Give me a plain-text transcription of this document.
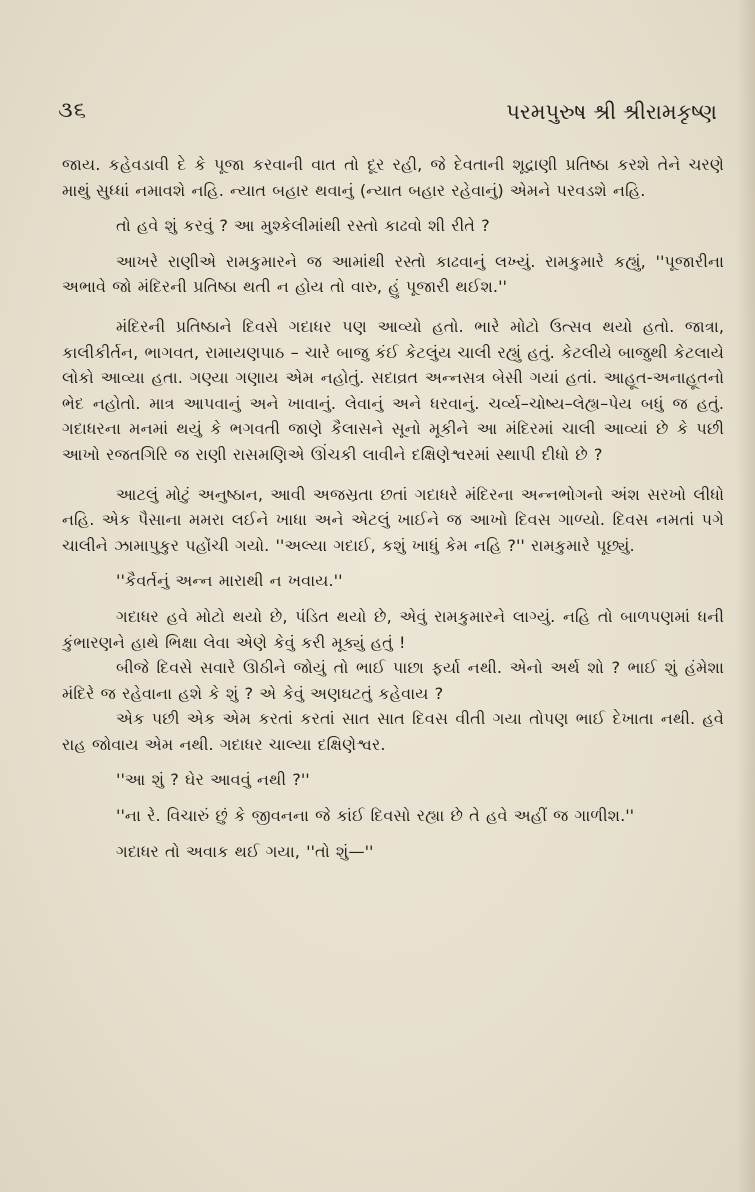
૩૬	પરમપુરુષ શ્રી શ્રીરામકૃષ્ણ

જાય. કહેવડાવી દે કે પૂજા કરવાની વાત તો દૂર રહી, જે દેવતાની શૂદ્રાણી પ્રતિષ્ઠા કરશે તેને ચરણે માથું સુધ્ધાં નમાવશે નહિ. ન્યાત બહાર થવાનું (ન્યાત બહાર રહેવાનું) એમને પરવડશે નહિ.

તો હવે શું કરવું ? આ મુશ્કેલીમાંથી રસ્તો કાઢવો શી રીતે ?

આખરે રાણીએ રામકુમારને જ આમાંથી રસ્તો કાઢવાનું લખ્યું. રામકુમારે કહ્યું, ''પૂજારીના અભાવે જો મંદિરની પ્રતિષ્ઠા થતી ન હોય તો વારુ, હું પૂજારી થઈશ.''

મંદિરની પ્રતિષ્ઠાને દિવસે ગદાધર પણ આવ્યો હતો. ભારે મોટો ઉત્સવ થયો હતો. જાત્રા, કાલીકીર્તન, ભાગવત, રામાયણપાઠ – ચારે બાજુ કંઈ કેટલુંય ચાલી રહ્યું હતું. કેટલીયે બાજુથી કેટલાયે લોકો આવ્યા હતા. ગણ્યા ગણાય એમ નહોતું. સદાવ્રત અન્નસત્ર બેસી ગયાં હતાં. આહૂત-અનાહૂતનો ભેદ નહોતો. માત્ર આપવાનું અને ખાવાનું. લેવાનું અને ધરવાનું. ચર્વ્ય–ચોષ્ય–લેહ્ય–પેય બધું જ હતું. ગદાધરના મનમાં થયું કે ભગવતી જાણે કૈલાસને સૂનો મૂકીને આ મંદિરમાં ચાલી આવ્યાં છે કે પછી આખો રજતગિરિ જ રાણી રાસમણિએ ઊંચકી લાવીને દક્ષિણેશ્વરમાં સ્થાપી દીધો છે ?

આટલું મોટું અનુષ્ઠાન, આવી અજસ્રતા છતાં ગદાધરે મંદિરના અન્નભોગનો અંશ સરખો લીધો નહિ. એક પૈસાના મમરા લઈને ખાધા અને એટલું ખાઈને જ આખો દિવસ ગાળ્યો. દિવસ નમતાં પગે ચાલીને ઝામાપુકુર પહોંચી ગયો. ''અલ્યા ગદાઈ, કશું ખાધું કેમ નહિ ?'' રામકુમારે પૂછ્યું.

''કૈવર્તનું અન્ન મારાથી ન ખવાય.''

ગદાધર હવે મોટો થયો છે, પંડિત થયો છે, એવું રામકુમારને લાગ્યું. નહિ તો બાળપણમાં ધની કુંભારણને હાથે ભિક્ષા લેવા એણે કેવું કરી મૂક્યું હતું !

બીજે દિવસે સવારે ઊઠીને જોયું તો ભાઈ પાછા ફર્યા નથી. એનો અર્થ શો ? ભાઈ શું હંમેશા મંદિરે જ રહેવાના હશે કે શું ? એ કેવું અણઘટતું કહેવાય ?

એક પછી એક એમ કરતાં કરતાં સાત સાત દિવસ વીતી ગયા તોપણ ભાઈ દેખાતા નથી. હવે રાહ જોવાય એમ નથી. ગદાધર ચાલ્યા દક્ષિણેશ્વર.

''આ શું ? ઘેર આવવું નથી ?''

''ના રે. વિચારું છું કે જીવનના જે કાંઈ દિવસો રહ્યા છે તે હવે અહીં જ ગાળીશ.''

ગદાધર તો અવાક થઈ ગયા, ''તો શું—''
